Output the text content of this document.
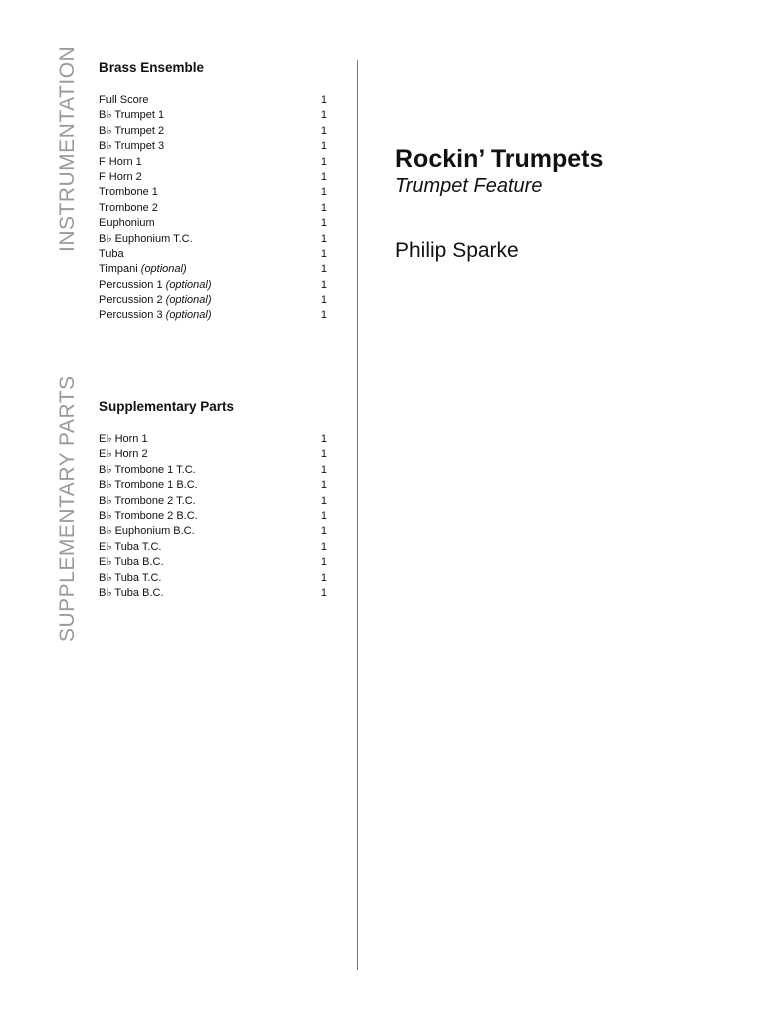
INSTRUMENTATION
SUPPLEMENTARY PARTS
Brass Ensemble
Full Score	1
B♭ Trumpet 1	1
B♭ Trumpet 2	1
B♭ Trumpet 3	1
F Horn 1	1
F Horn 2	1
Trombone 1	1
Trombone 2	1
Euphonium	1
B♭ Euphonium T.C.	1
Tuba	1
Timpani (optional)	1
Percussion 1 (optional)	1
Percussion 2 (optional)	1
Percussion 3 (optional)	1
Supplementary Parts
E♭ Horn 1	1
E♭ Horn 2	1
B♭ Trombone 1 T.C.	1
B♭ Trombone 1 B.C.	1
B♭ Trombone 2 T.C.	1
B♭ Trombone 2 B.C.	1
B♭ Euphonium B.C.	1
E♭ Tuba T.C.	1
E♭ Tuba B.C.	1
B♭ Tuba T.C.	1
B♭ Tuba B.C.	1
Rockin’ Trumpets
Trumpet Feature
Philip Sparke
